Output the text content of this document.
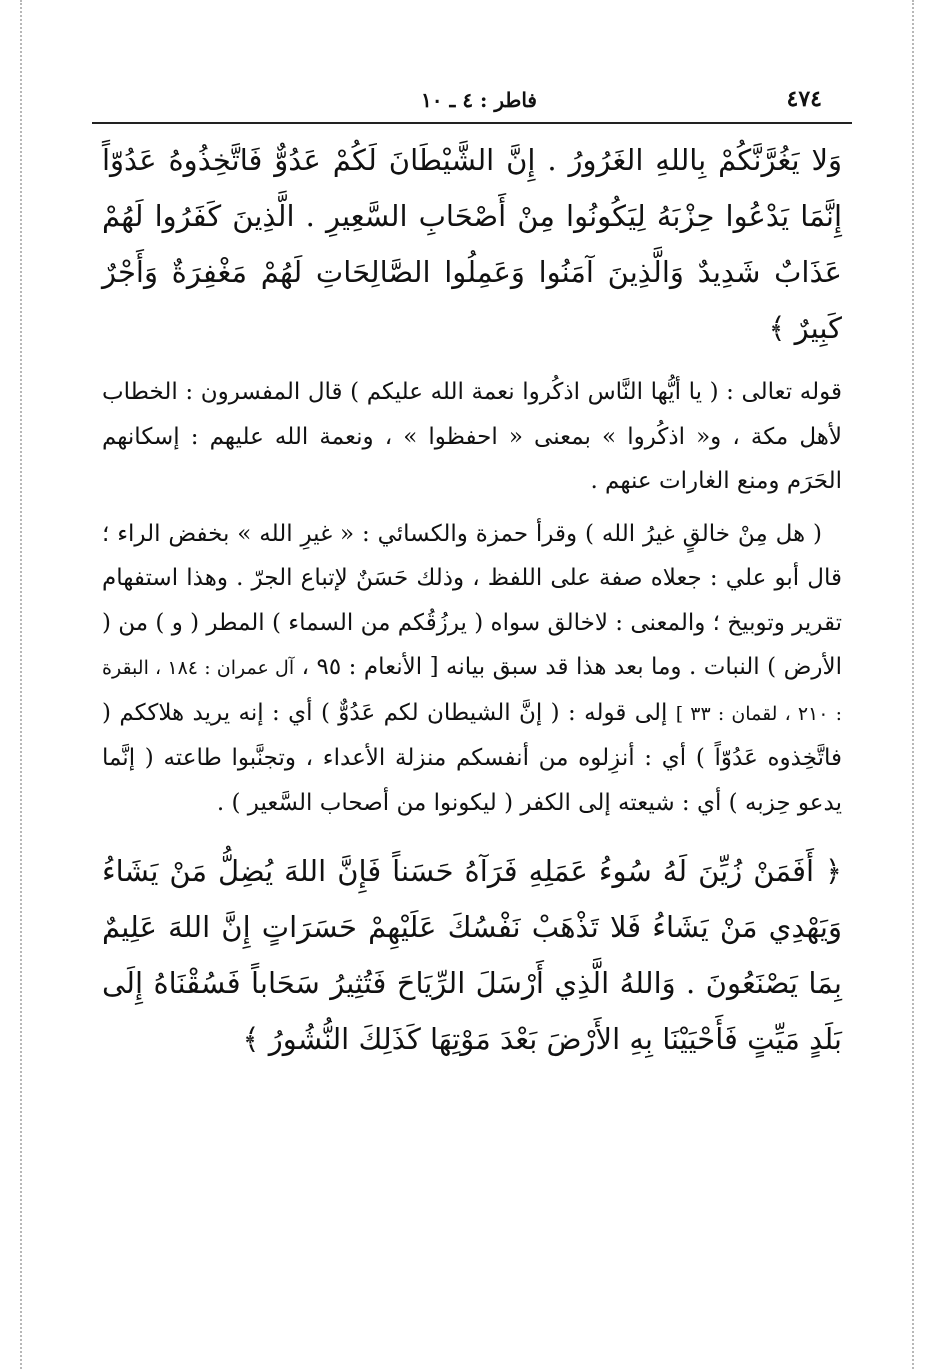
٤٧٤
فاطر : ٤ ـ ١٠

وَلا يَغُرَّنَّكُمْ بِاللهِ الغَرُورُ . إِنَّ الشَّيْطَانَ لَكُمْ عَدُوٌّ فَاتَّخِذُوهُ عَدُوّاً إِنَّمَا يَدْعُوا حِزْبَهُ لِيَكُونُوا مِنْ أَصْحَابِ السَّعِيرِ . الَّذِينَ كَفَرُوا لَهُمْ عَذَابٌ شَدِيدٌ وَالَّذِينَ آمَنُوا وَعَمِلُوا الصَّالِحَاتِ لَهُمْ مَغْفِرَةٌ وَأَجْرٌ كَبِيرٌ ﴾

قوله تعالى : ( يا أيُّها النَّاس اذكُروا نعمة الله عليكم ) قال المفسرون : الخطاب لأهل مكة ، و« اذكُروا » بمعنى « احفظوا » ، ونعمة الله عليهم : إسكانهم الحَرَم ومنع الغارات عنهم .

( هل مِنْ خالقٍ غيرُ الله ) وقرأ حمزة والكسائي : « غيرِ الله » بخفض الراء ؛ قال أبو علي : جعلاه صفة على اللفظ ، وذلك حَسَنٌ لإتباع الجرّ . وهذا استفهام تقرير وتوبيخ ؛ والمعنى : لاخالق سواه ( يرزُقُكم من السماء ) المطر ( و ) من ( الأرض ) النبات . وما بعد هذا قد سبق بيانه [ الأنعام : ٩٥ ، آل عمران : ١٨٤ ، البقرة : ٢١٠ ، لقمان : ٣٣ ] إلى قوله : ( إنَّ الشيطان لكم عَدُوٌّ ) أي : إنه يريد هلاككم ( فاتَّخِذوه عَدُوّاً ) أي : أنزِلوه من أنفسكم منزلة الأعداء ، وتجنَّبوا طاعته ( إنَّما يدعو حِزبه ) أي : شيعته إلى الكفر ( ليكونوا من أصحاب السَّعير ) .

﴿ أَفَمَنْ زُيِّنَ لَهُ سُوءُ عَمَلِهِ فَرَآهُ حَسَناً فَإِنَّ اللهَ يُضِلُّ مَنْ يَشَاءُ وَيَهْدِي مَنْ يَشَاءُ فَلا تَذْهَبْ نَفْسُكَ عَلَيْهِمْ حَسَرَاتٍ إِنَّ اللهَ عَلِيمٌ بِمَا يَصْنَعُونَ . وَاللهُ الَّذِي أَرْسَلَ الرِّيَاحَ فَتُثِيرُ سَحَاباً فَسُقْنَاهُ إِلَى بَلَدٍ مَيِّتٍ فَأَحْيَيْنَا بِهِ الأَرْضَ بَعْدَ مَوْتِهَا كَذَلِكَ النُّشُورُ ﴾
